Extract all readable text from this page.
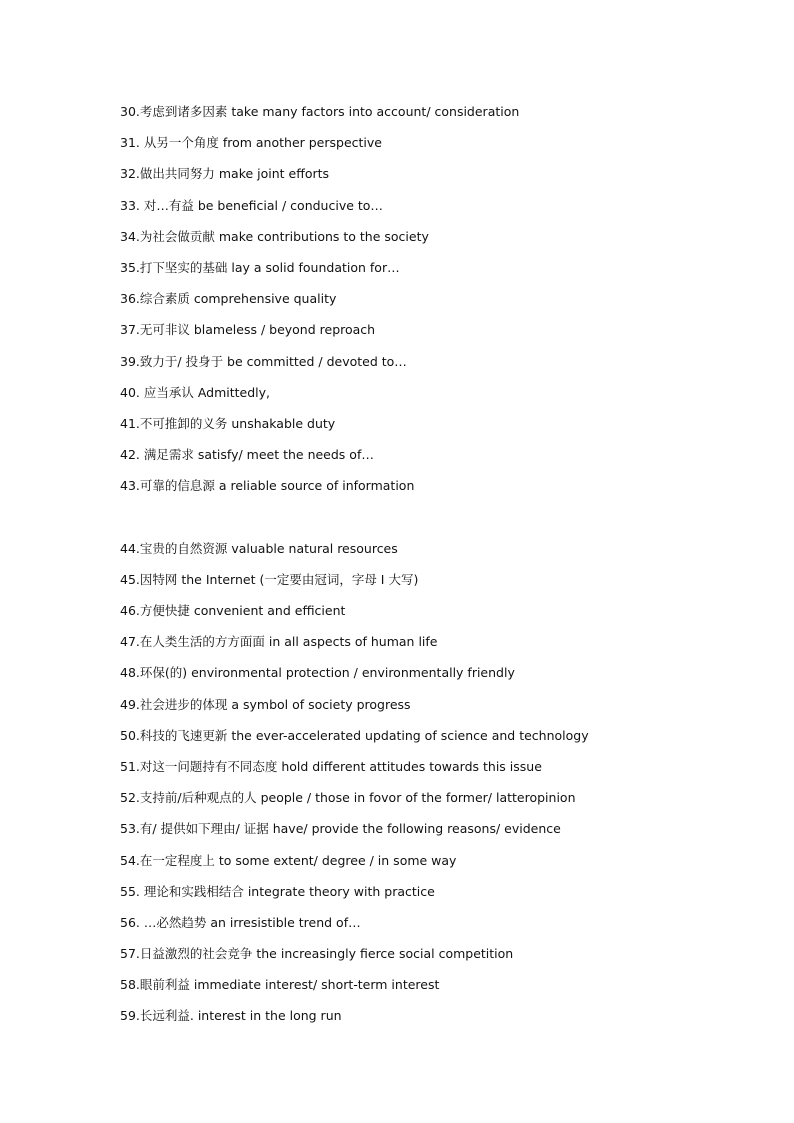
30.考虑到诸多因素 take many factors into account/ consideration
31. 从另一个角度 from another perspective
32.做出共同努力 make joint efforts
33. 对…有益 be beneficial / conducive to…
34.为社会做贡献 make contributions to the society
35.打下坚实的基础 lay a solid foundation for…
36.综合素质 comprehensive quality
37.无可非议 blameless / beyond reproach
39.致力于/ 投身于 be committed / devoted to…
40. 应当承认 Admittedly,
41.不可推卸的义务 unshakable duty
42. 满足需求 satisfy/ meet the needs of…
43.可靠的信息源 a reliable source of information
44.宝贵的自然资源 valuable natural resources
45.因特网 the Internet (一定要由冠词，字母 I 大写)
46.方便快捷 convenient and efficient
47.在人类生活的方方面面 in all aspects of human life
48.环保(的) environmental protection / environmentally friendly
49.社会进步的体现 a symbol of society progress
50.科技的飞速更新 the ever-accelerated updating of science and technology
51.对这一问题持有不同态度 hold different attitudes towards this issue
52.支持前/后种观点的人 people / those in fovor of the former/ latteropinion
53.有/ 提供如下理由/ 证据 have/ provide the following reasons/ evidence
54.在一定程度上 to some extent/ degree / in some way
55. 理论和实践相结合 integrate theory with practice
56. …必然趋势 an irresistible trend of…
57.日益激烈的社会竞争 the increasingly fierce social competition
58.眼前利益 immediate interest/ short-term interest
59.长远利益. interest in the long run
